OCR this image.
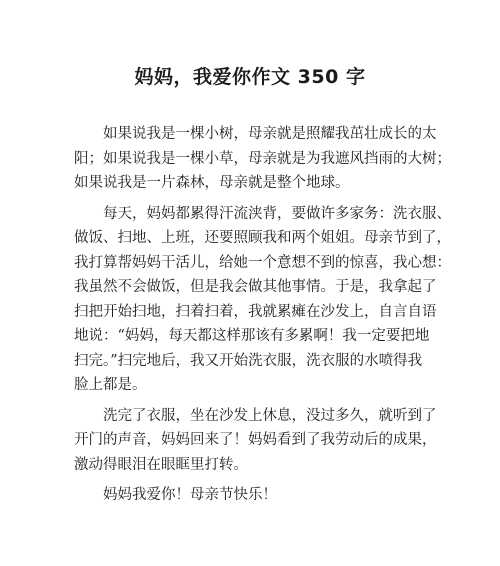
妈妈，我爱你作文 350 字

如果说我是一棵小树，母亲就是照耀我茁壮成长的太
阳；如果说我是一棵小草，母亲就是为我遮风挡雨的大树；
如果说我是一片森林，母亲就是整个地球。

每天，妈妈都累得汗流浃背，要做许多家务：洗衣服、
做饭、扫地、上班，还要照顾我和两个姐姐。母亲节到了，
我打算帮妈妈干活儿，给她一个意想不到的惊喜，我心想：
我虽然不会做饭，但是我会做其他事情。于是，我拿起了
扫把开始扫地，扫着扫着，我就累瘫在沙发上，自言自语
地说：“妈妈，每天都这样那该有多累啊！我一定要把地
扫完。”扫完地后，我又开始洗衣服，洗衣服的水喷得我
脸上都是。

洗完了衣服，坐在沙发上休息，没过多久，就听到了
开门的声音，妈妈回来了！妈妈看到了我劳动后的成果，
激动得眼泪在眼眶里打转。

妈妈我爱你！母亲节快乐！
